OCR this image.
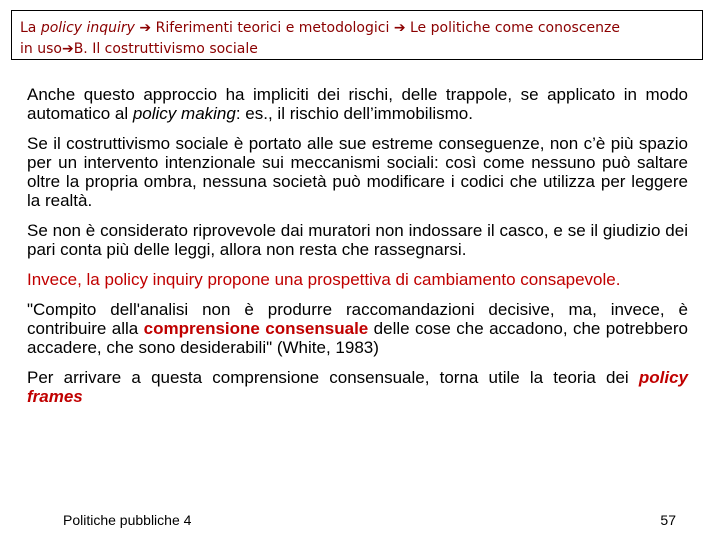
La policy inquiry ➔ Riferimenti teorici e metodologici ➔ Le politiche come conoscenze
in uso➔B. Il costruttivismo sociale

Anche questo approccio ha impliciti dei rischi, delle trappole, se applicato in modo automatico al policy making: es., il rischio dell’immobilismo.

Se il costruttivismo sociale è portato alle sue estreme conseguenze, non c’è più spazio per un intervento intenzionale sui meccanismi sociali: così come nessuno può saltare oltre la propria ombra, nessuna società può modificare i codici che utilizza per leggere la realtà.

Se non è considerato riprovevole dai muratori non indossare il casco, e se il giudizio dei pari conta più delle leggi, allora non resta che rassegnarsi.

Invece, la policy inquiry propone una prospettiva di cambiamento consapevole.

"Compito dell'analisi non è produrre raccomandazioni decisive, ma, invece, è contribuire alla comprensione consensuale delle cose che accadono, che potrebbero accadere, che sono desiderabili" (White, 1983)

Per arrivare a questa comprensione consensuale, torna utile la teoria dei policy frames

Politiche pubbliche 4	57
